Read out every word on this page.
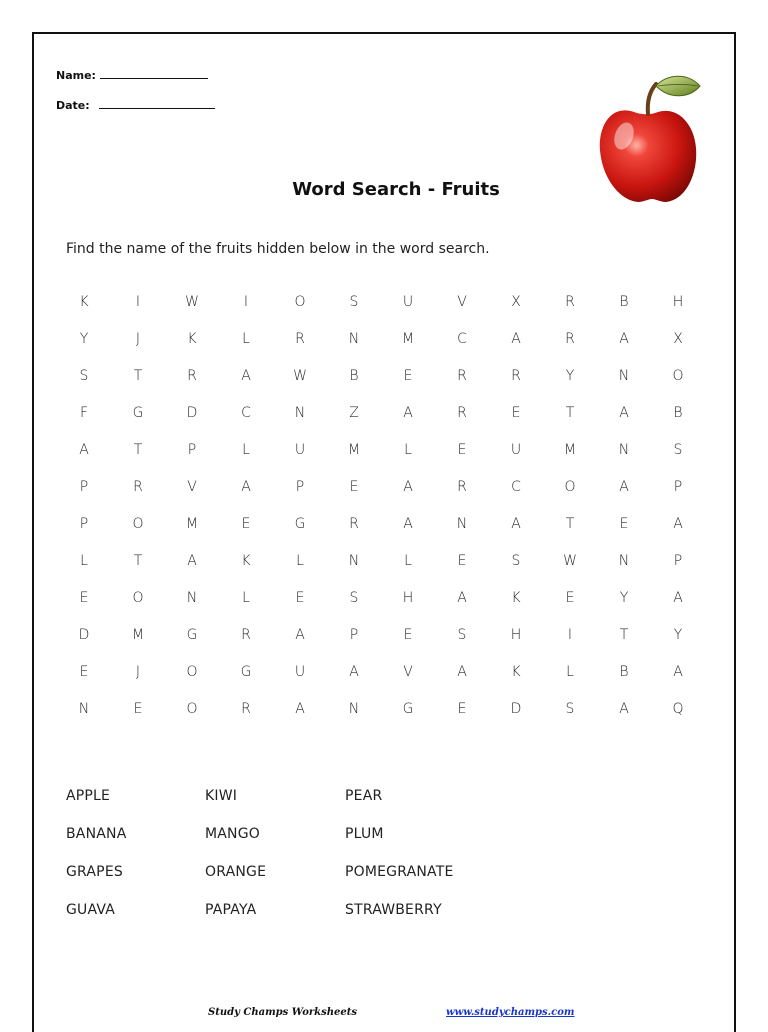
Name:
Date:
Word Search - Fruits
Find the name of the fruits hidden below in the word search.
K	I	W	I	O	S	U	V	X	R	B	H
Y	J	K	L	R	N	M	C	A	R	A	X
S	T	R	A	W	B	E	R	R	Y	N	O
F	G	D	C	N	Z	A	R	E	T	A	B
A	T	P	L	U	M	L	E	U	M	N	S
P	R	V	A	P	E	A	R	C	O	A	P
P	O	M	E	G	R	A	N	A	T	E	A
L	T	A	K	L	N	L	E	S	W	N	P
E	O	N	L	E	S	H	A	K	E	Y	A
D	M	G	R	A	P	E	S	H	I	T	Y
E	J	O	G	U	A	V	A	K	L	B	A
N	E	O	R	A	N	G	E	D	S	A	Q
APPLE	KIWI	PEAR
BANANA	MANGO	PLUM
GRAPES	ORANGE	POMEGRANATE
GUAVA	PAPAYA	STRAWBERRY
Study Champs Worksheets	www.studychamps.com
